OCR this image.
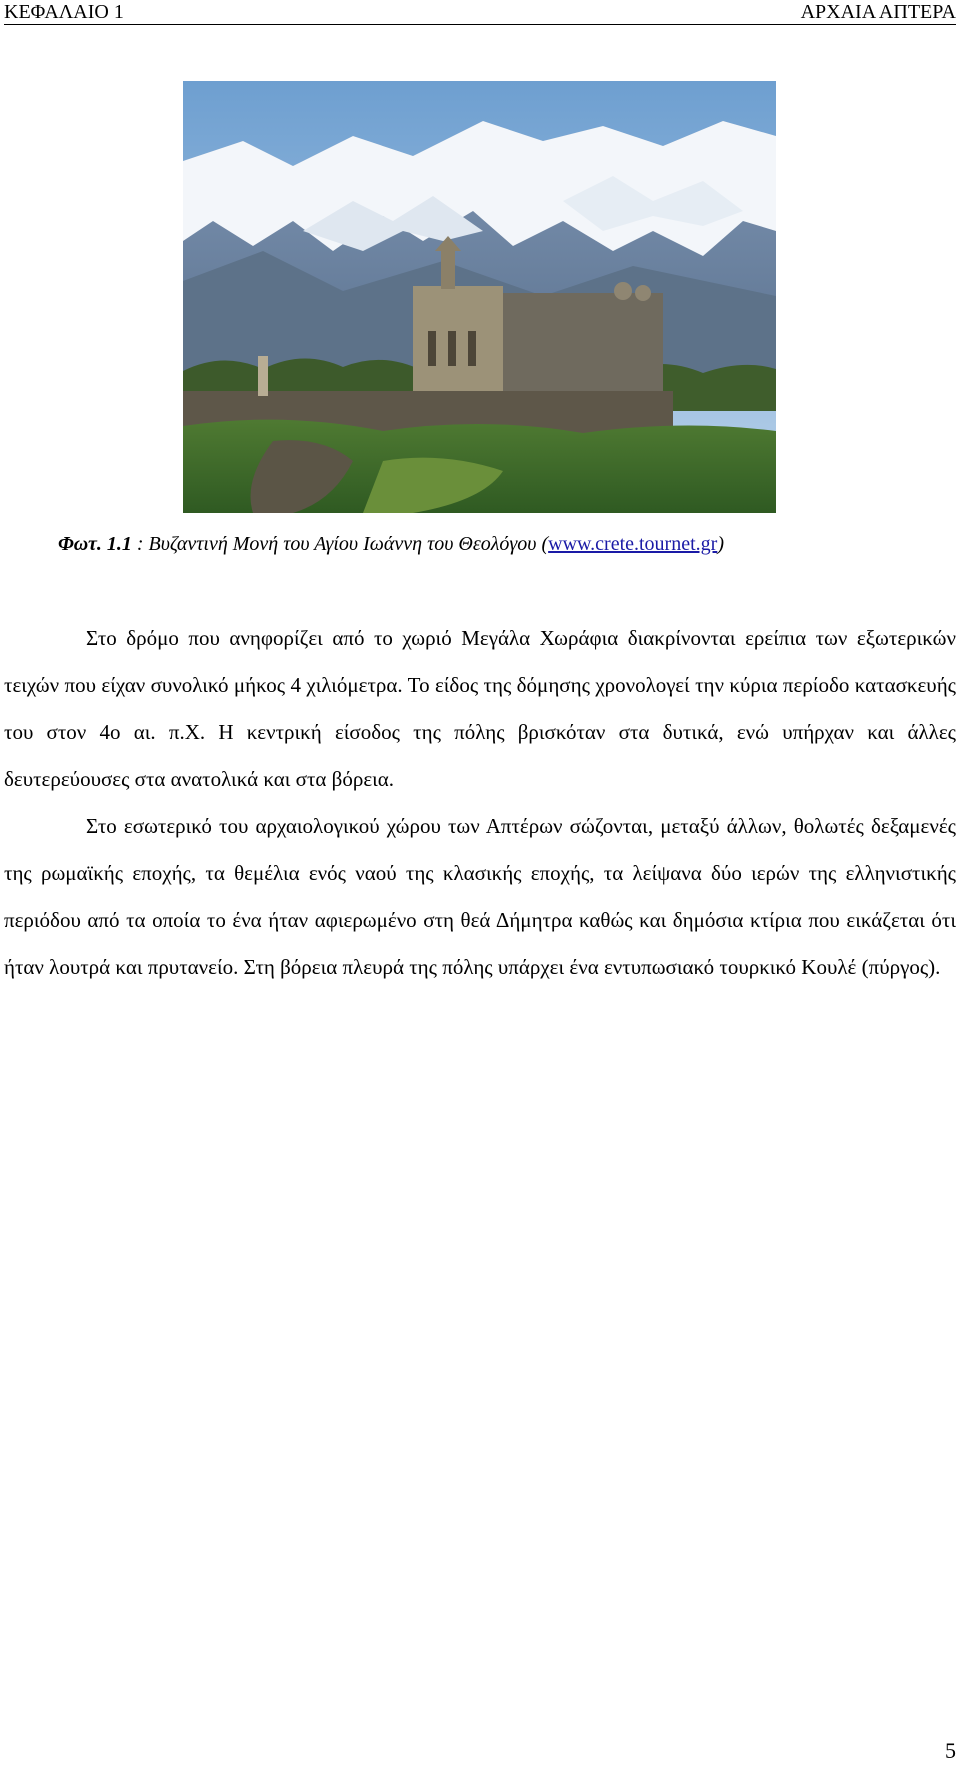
ΚΕΦΑΛΑΙΟ 1	ΑΡΧΑΙΑ ΑΠΤΕΡΑ
Φωτ. 1.1 : Βυζαντινή Μονή του Αγίου Ιωάννη του Θεολόγου (www.crete.tournet.gr)

Στο δρόμο που ανηφορίζει από το χωριό Μεγάλα Χωράφια διακρίνονται ερείπια των εξωτερικών τειχών που είχαν συνολικό μήκος 4 χιλιόμετρα. Το είδος της δόμησης χρονολογεί την κύρια περίοδο κατασκευής του στον 4ο αι. π.Χ. Η κεντρική είσοδος της πόλης βρισκόταν στα δυτικά, ενώ υπήρχαν και άλλες δευτερεύουσες στα ανατολικά και στα βόρεια.

Στο εσωτερικό του αρχαιολογικού χώρου των Απτέρων σώζονται, μεταξύ άλλων, θολωτές δεξαμενές της ρωμαϊκής εποχής, τα θεμέλια ενός ναού της κλασικής εποχής, τα λείψανα δύο ιερών της ελληνιστικής περιόδου από τα οποία το ένα ήταν αφιερωμένο στη θεά Δήμητρα καθώς και δημόσια κτίρια που εικάζεται ότι ήταν λουτρά και πρυτανείο. Στη βόρεια πλευρά της πόλης υπάρχει ένα εντυπωσιακό τουρκικό Κουλέ (πύργος).

5
